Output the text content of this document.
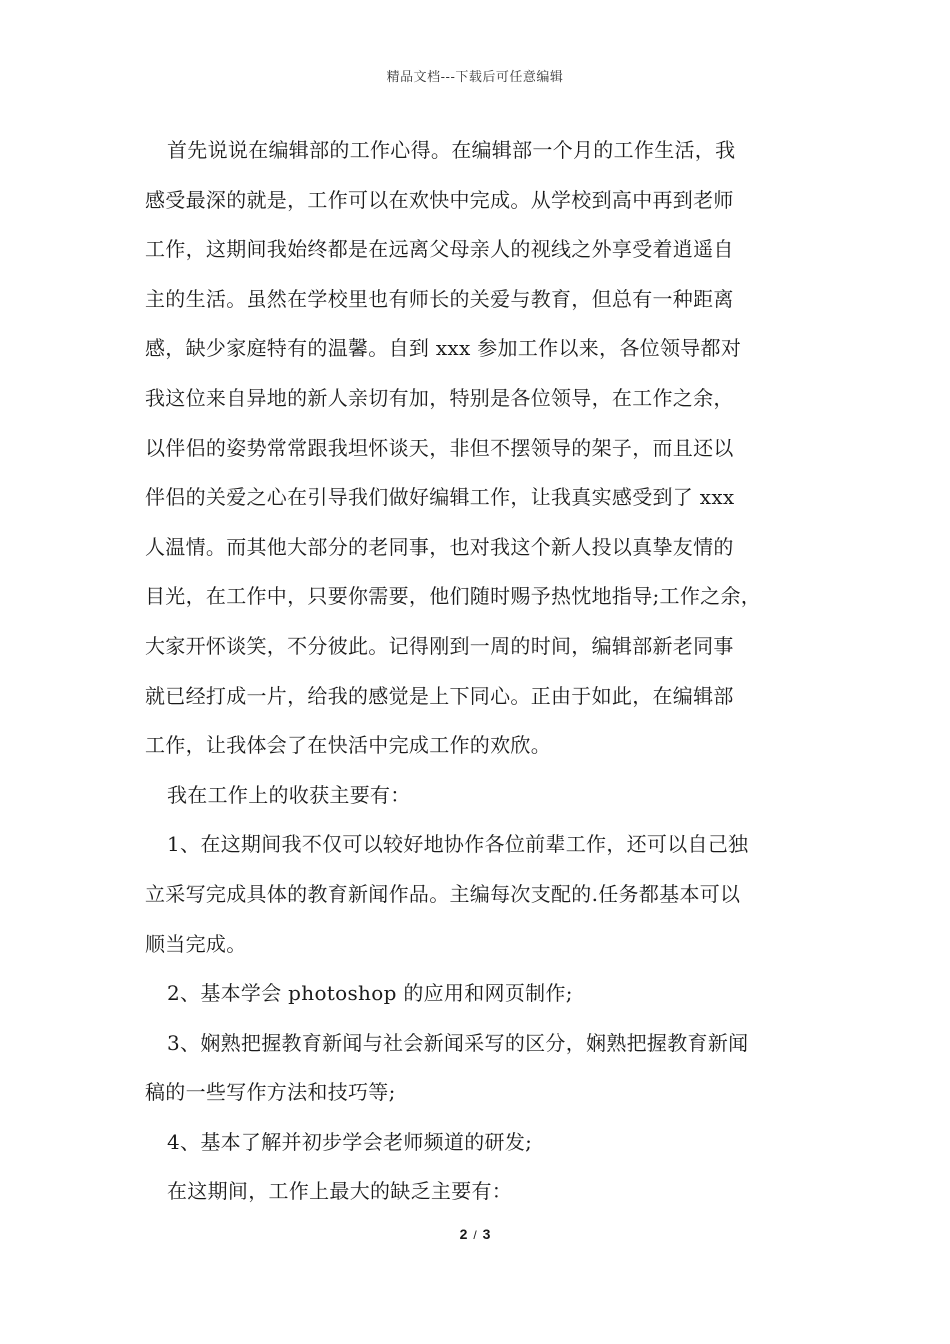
精品文档---下载后可任意编辑
首先说说在编辑部的工作心得。在编辑部一个月的工作生活，我
感受最深的就是，工作可以在欢快中完成。从学校到高中再到老师
工作，这期间我始终都是在远离父母亲人的视线之外享受着逍遥自
主的生活。虽然在学校里也有师长的关爱与教育，但总有一种距离
感，缺少家庭特有的温馨。自到 xxx 参加工作以来，各位领导都对
我这位来自异地的新人亲切有加，特别是各位领导，在工作之余，
以伴侣的姿势常常跟我坦怀谈天，非但不摆领导的架子，而且还以
伴侣的关爱之心在引导我们做好编辑工作，让我真实感受到了 xxx
人温情。而其他大部分的老同事，也对我这个新人投以真挚友情的
目光，在工作中，只要你需要，他们随时赐予热忱地指导;工作之余，
大家开怀谈笑，不分彼此。记得刚到一周的时间，编辑部新老同事
就已经打成一片，给我的感觉是上下同心。正由于如此，在编辑部
工作，让我体会了在快活中完成工作的欢欣。
我在工作上的收获主要有：
1、在这期间我不仅可以较好地协作各位前辈工作，还可以自己独
立采写完成具体的教育新闻作品。主编每次支配的.任务都基本可以
顺当完成。
2、基本学会 photoshop 的应用和网页制作;
3、娴熟把握教育新闻与社会新闻采写的区分，娴熟把握教育新闻
稿的一些写作方法和技巧等;
4、基本了解并初步学会老师频道的研发;
在这期间，工作上最大的缺乏主要有：
2 / 3
